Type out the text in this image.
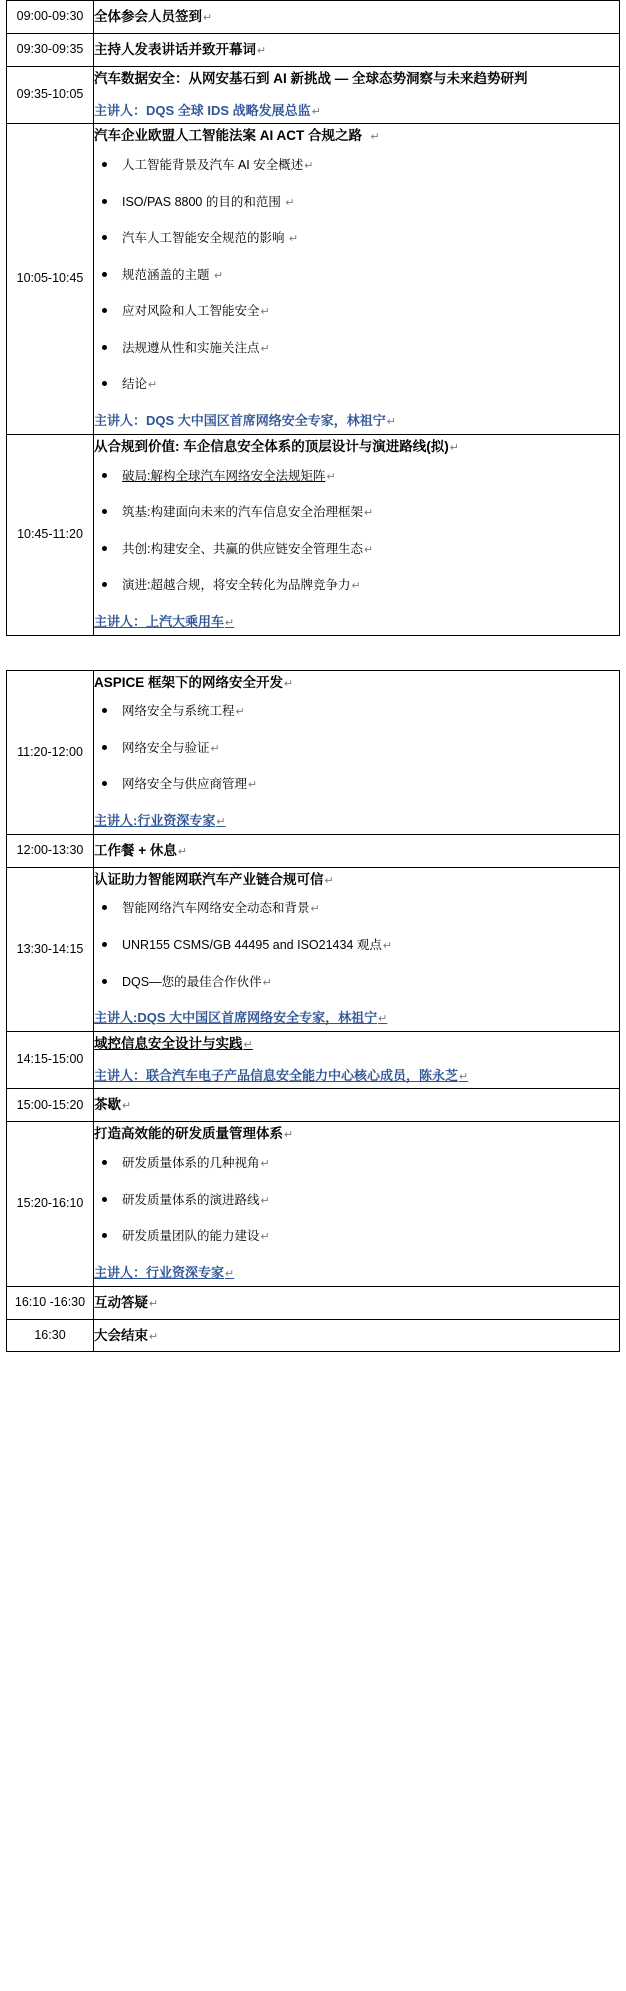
09:00-09:30	全体参会人员签到↵

09:30-09:35	主持人发表讲话并致开幕词↵

09:35-10:05	汽车数据安全：从网安基石到 AI 新挑战 — 全球态势洞察与未来趋势研判
主讲人：DQS 全球 IDS 战略发展总监↵

10:05-10:45	
汽车企业欧盟人工智能法案 AI ACT 合规之路 ↵
人工智能背景及汽车 AI 安全概述↵
ISO/PAS 8800 的目的和范围 ↵
汽车人工智能安全规范的影响 ↵
规范涵盖的主题 ↵
应对风险和人工智能安全↵
法规遵从性和实施关注点↵
结论↵
主讲人：DQS 大中国区首席网络安全专家，林祖宁↵

10:45-11:20	
从合规到价值: 车企信息安全体系的顶层设计与演进路线(拟)↵
破局:解构全球汽车网络安全法规矩阵↵
筑基:构建面向未来的汽车信息安全治理框架↵
共创:构建安全、共赢的供应链安全管理生态↵
演进:超越合规，将安全转化为品牌竞争力↵
主讲人：上汽大乘用车↵
11:20-12:00	
ASPICE 框架下的网络安全开发↵
网络安全与系统工程↵
网络安全与验证↵
网络安全与供应商管理↵
主讲人:行业资深专家↵

12:00-13:30	工作餐 + 休息↵

13:30-14:15	
认证助力智能网联汽车产业链合规可信↵
智能网络汽车网络安全动态和背景↵
UNR155 CSMS/GB 44495 and ISO21434 观点↵
DQS—您的最佳合作伙伴↵
主讲人:DQS 大中国区首席网络安全专家，林祖宁↵

14:15-15:00	域控信息安全设计与实践↵
主讲人：联合汽车电子产品信息安全能力中心核心成员，陈永芝↵

15:00-15:20	茶歇↵

15:20-16:10	
打造高效能的研发质量管理体系↵
研发质量体系的几种视角↵
研发质量体系的演进路线↵
研发质量团队的能力建设↵
主讲人：行业资深专家↵

16:10 -16:30	互动答疑↵

16:30	大会结束↵
